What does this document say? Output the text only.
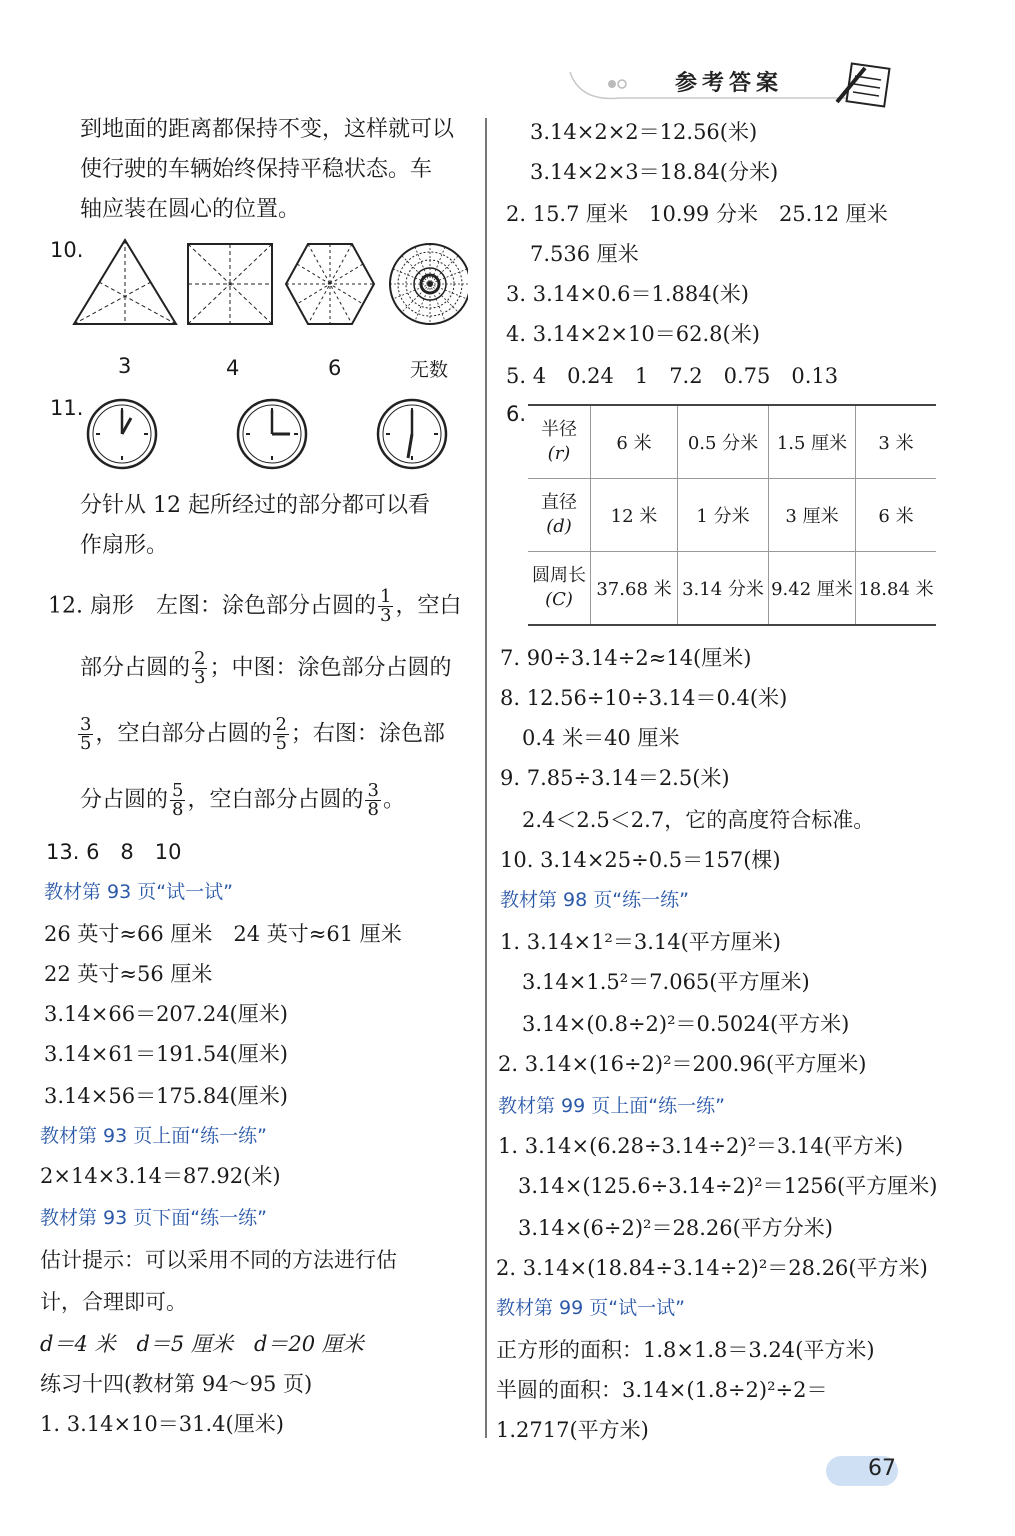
参考答案
到地面的距离都保持不变，这样就可以
使行驶的车辆始终保持平稳状态。车
轴应装在圆心的位置。
10.
3	4	6	无数
11.
分针从 12 起所经过的部分都可以看
作扇形。
12. 扇形　左图：涂色部分占圆的 $\frac{1}{3}$ ，空白
部分占圆的 $\frac{2}{3}$ ；中图：涂色部分占圆的
$\frac{3}{5}$ ，空白部分占圆的 $\frac{2}{5}$ ；右图：涂色部
分占圆的 $\frac{5}{8}$ ，空白部分占圆的 $\frac{3}{8}$ 。
13. 6　8　10
教材第 93 页“试一试”
26 英寸≈66 厘米　24 英寸≈61 厘米
22 英寸≈56 厘米
3.14×66＝207.24(厘米)
3.14×61＝191.54(厘米)
3.14×56＝175.84(厘米)
教材第 93 页上面“练一练”
2×14×3.14＝87.92(米)
教材第 93 页下面“练一练”
估计提示：可以采用不同的方法进行估
计，合理即可。
d＝4 米　d＝5 厘米　d＝20 厘米
练习十四(教材第 94～95 页)
1. 3.14×10＝31.4(厘米)
3.14×2×2＝12.56(米)
3.14×2×3＝18.84(分米)
2. 15.7 厘米　10.99 分米　25.12 厘米
7.536 厘米
3. 3.14×0.6＝1.884(米)
4. 3.14×2×10＝62.8(米)
5. 4　0.24　1　7.2　0.75　0.13
6.
半径
(r)	6 米	0.5 分米	1.5 厘米	3 米

直径
(d)	12 米	1 分米	3 厘米	6 米

圆周长
(C)	37.68 米	3.14 分米	9.42 厘米	18.84 米
7. 90÷3.14÷2≈14(厘米)
8. 12.56÷10÷3.14＝0.4(米)
0.4 米＝40 厘米
9. 7.85÷3.14＝2.5(米)
2.4＜2.5＜2.7，它的高度符合标准。
10. 3.14×25÷0.5＝157(棵)
教材第 98 页“练一练”
1. 3.14×1²＝3.14(平方厘米)
3.14×1.5²＝7.065(平方厘米)
3.14×(0.8÷2)²＝0.5024(平方米)
2. 3.14×(16÷2)²＝200.96(平方厘米)
教材第 99 页上面“练一练”
1. 3.14×(6.28÷3.14÷2)²＝3.14(平方米)
3.14×(125.6÷3.14÷2)²＝1256(平方厘米)
3.14×(6÷2)²＝28.26(平方分米)
2. 3.14×(18.84÷3.14÷2)²＝28.26(平方米)
教材第 99 页“试一试”
正方形的面积：1.8×1.8＝3.24(平方米)
半圆的面积：3.14×(1.8÷2)²÷2＝
1.2717(平方米)
67
